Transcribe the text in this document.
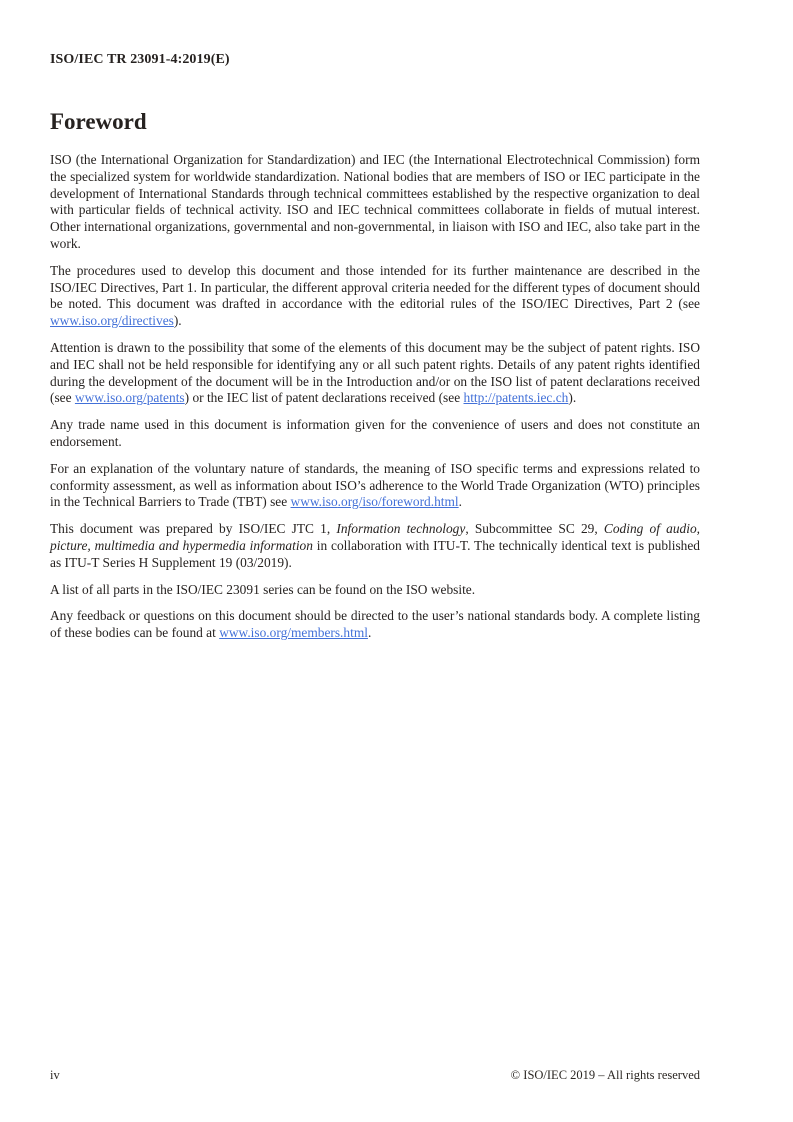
ISO/IEC TR 23091-4:2019(E)
Foreword

ISO (the International Organization for Standardization) and IEC (the International Electrotechnical Commission) form the specialized system for worldwide standardization. National bodies that are members of ISO or IEC participate in the development of International Standards through technical committees established by the respective organization to deal with particular fields of technical activity. ISO and IEC technical committees collaborate in fields of mutual interest. Other international organizations, governmental and non-governmental, in liaison with ISO and IEC, also take part in the work.

The procedures used to develop this document and those intended for its further maintenance are described in the ISO/IEC Directives, Part 1. In particular, the different approval criteria needed for the different types of document should be noted. This document was drafted in accordance with the editorial rules of the ISO/IEC Directives, Part 2 (see www.iso.org/directives).

Attention is drawn to the possibility that some of the elements of this document may be the subject of patent rights. ISO and IEC shall not be held responsible for identifying any or all such patent rights. Details of any patent rights identified during the development of the document will be in the Introduction and/or on the ISO list of patent declarations received (see www.iso.org/patents) or the IEC list of patent declarations received (see http://patents.iec.ch).

Any trade name used in this document is information given for the convenience of users and does not constitute an endorsement.

For an explanation of the voluntary nature of standards, the meaning of ISO specific terms and expressions related to conformity assessment, as well as information about ISO’s adherence to the World Trade Organization (WTO) principles in the Technical Barriers to Trade (TBT) see www.iso.org/iso/foreword.html.

This document was prepared by ISO/IEC JTC 1, Information technology, Subcommittee SC 29, Coding of audio, picture, multimedia and hypermedia information in collaboration with ITU-T. The technically identical text is published as ITU-T Series H Supplement 19 (03/2019).

A list of all parts in the ISO/IEC 23091 series can be found on the ISO website.

Any feedback or questions on this document should be directed to the user’s national standards body. A complete listing of these bodies can be found at www.iso.org/members.html.

iv	© ISO/IEC 2019 – All rights reserved
